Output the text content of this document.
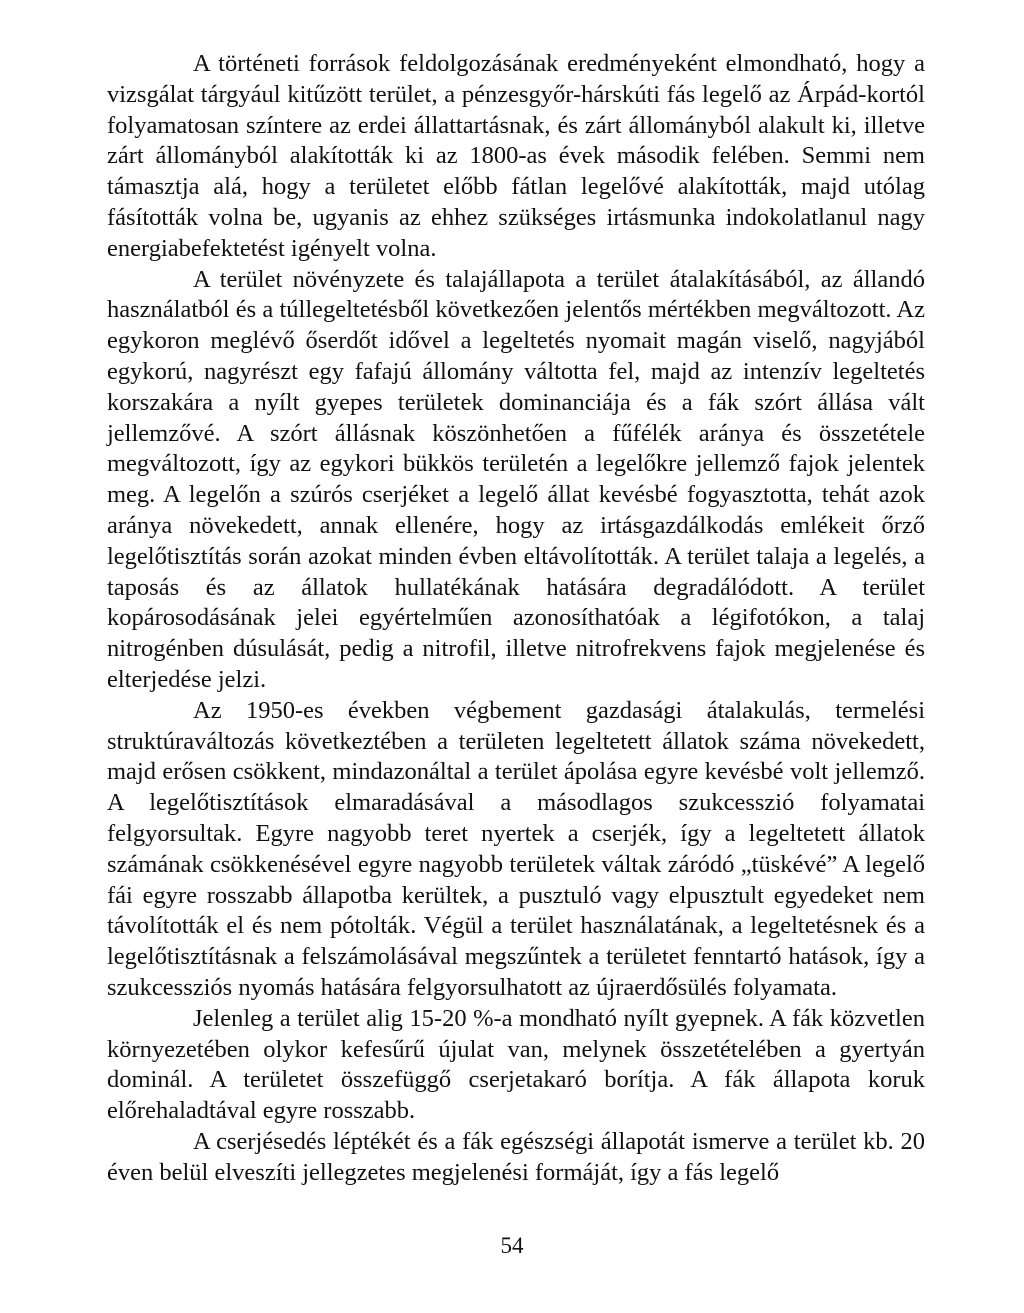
A történeti források feldolgozásának eredményeként elmondható, hogy a vizsgálat tárgyául kitűzött terület, a pénzesgyőr-hárskúti fás legelő az Árpád-kortól folyamatosan színtere az erdei állattartásnak, és zárt állományból alakult ki, illetve zárt állományból alakították ki az 1800-as évek második felében. Semmi nem támasztja alá, hogy a területet előbb fátlan legelővé alakították, majd utólag fásították volna be, ugyanis az ehhez szükséges irtásmunka indokolatlanul nagy energiabefektetést igényelt volna.

A terület növényzete és talajállapota a terület átalakításából, az állandó használatból és a túllegeltetésből következően jelentős mértékben megváltozott. Az egykoron meglévő őserdőt idővel a legeltetés nyomait magán viselő, nagyjából egykorú, nagyrészt egy fafajú állomány váltotta fel, majd az intenzív legeltetés korszakára a nyílt gyepes területek dominanciája és a fák szórt állása vált jellemzővé. A szórt állásnak köszönhetően a fűfélék aránya és összetétele megváltozott, így az egykori bükkös területén a legelőkre jellemző fajok jelentek meg. A legelőn a szúrós cserjéket a legelő állat kevésbé fogyasztotta, tehát azok aránya növekedett, annak ellenére, hogy az irtásgazdálkodás emlékeit őrző legelőtisztítás során azokat minden évben eltávolították. A terület talaja a legelés, a taposás és az állatok hullatékának hatására degradálódott. A terület kopárosodásának jelei egyértelműen azonosíthatóak a légifotókon, a talaj nitrogénben dúsulását, pedig a nitrofil, illetve nitrofrekvens fajok megjelenése és elterjedése jelzi.

Az 1950-es években végbement gazdasági átalakulás, termelési struktúraváltozás következtében a területen legeltetett állatok száma növekedett, majd erősen csökkent, mindazonáltal a terület ápolása egyre kevésbé volt jellemző. A legelőtisztítások elmaradásával a másodlagos szukcesszió folyamatai felgyorsultak. Egyre nagyobb teret nyertek a cserjék, így a legeltetett állatok számának csökkenésével egyre nagyobb területek váltak záródó „tüskévé” A legelő fái egyre rosszabb állapotba kerültek, a pusztuló vagy elpusztult egyedeket nem távolították el és nem pótolták. Végül a terület használatának, a legeltetésnek és a legelőtisztításnak a felszámolásával megszűntek a területet fenntartó hatások, így a szukcessziós nyomás hatására felgyorsulhatott az újraerdősülés folyamata.

Jelenleg a terület alig 15-20 %-a mondható nyílt gyepnek. A fák közvetlen környezetében olykor kefesűrű újulat van, melynek összetételében a gyertyán dominál. A területet összefüggő cserjetakaró borítja. A fák állapota koruk előrehaladtával egyre rosszabb.

A cserjésedés léptékét és a fák egészségi állapotát ismerve a terület kb. 20 éven belül elveszíti jellegzetes megjelenési formáját, így a fás legelő

54
